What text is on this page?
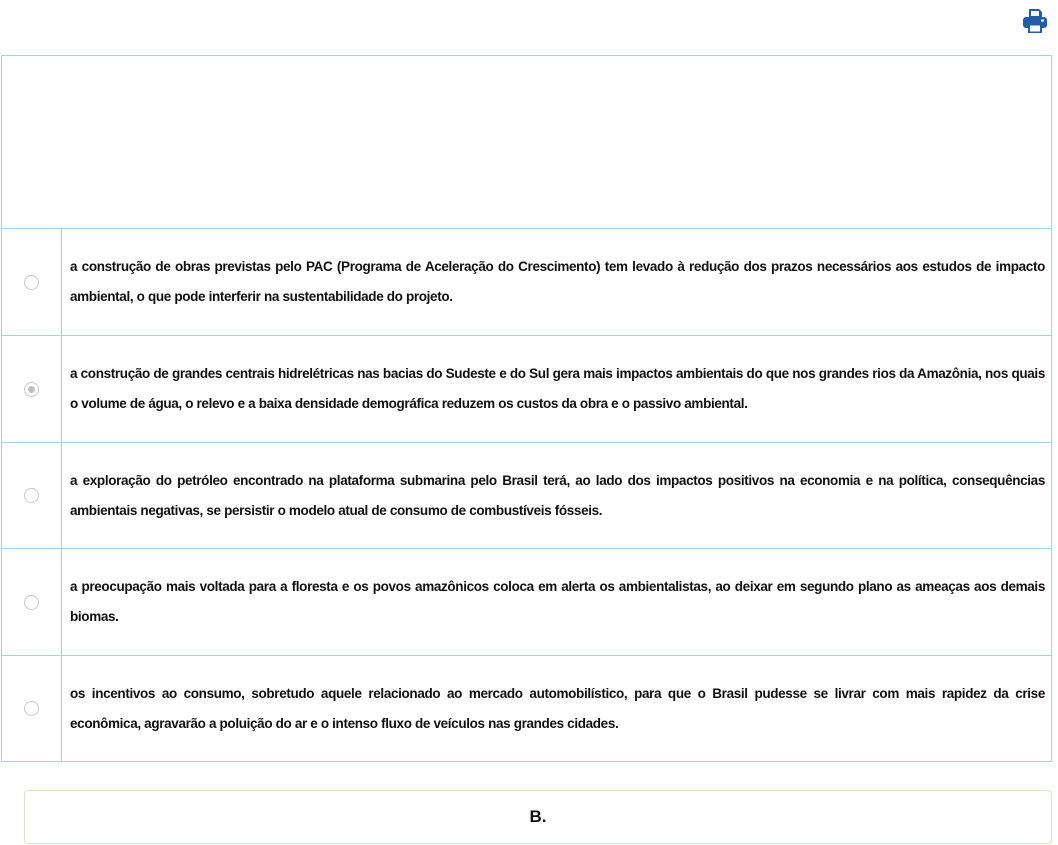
a construção de obras previstas pelo PAC (Programa de Aceleração do Crescimento) tem levado à redução dos prazos necessários aos estudos de impacto ambiental, o que pode interferir na sustentabilidade do projeto.
a construção de grandes centrais hidrelétricas nas bacias do Sudeste e do Sul gera mais impactos ambientais do que nos grandes rios da Amazônia, nos quais o volume de água, o relevo e a baixa densidade demográfica reduzem os custos da obra e o passivo ambiental.
a exploração do petróleo encontrado na plataforma submarina pelo Brasil terá, ao lado dos impactos positivos na economia e na política, consequências ambientais negativas, se persistir o modelo atual de consumo de combustíveis fósseis.
a preocupação mais voltada para a floresta e os povos amazônicos coloca em alerta os ambientalistas, ao deixar em segundo plano as ameaças aos demais biomas.
os incentivos ao consumo, sobretudo aquele relacionado ao mercado automobilístico, para que o Brasil pudesse se livrar com mais rapidez da crise econômica, agravarão a poluição do ar e o intenso fluxo de veículos nas grandes cidades.
B.
